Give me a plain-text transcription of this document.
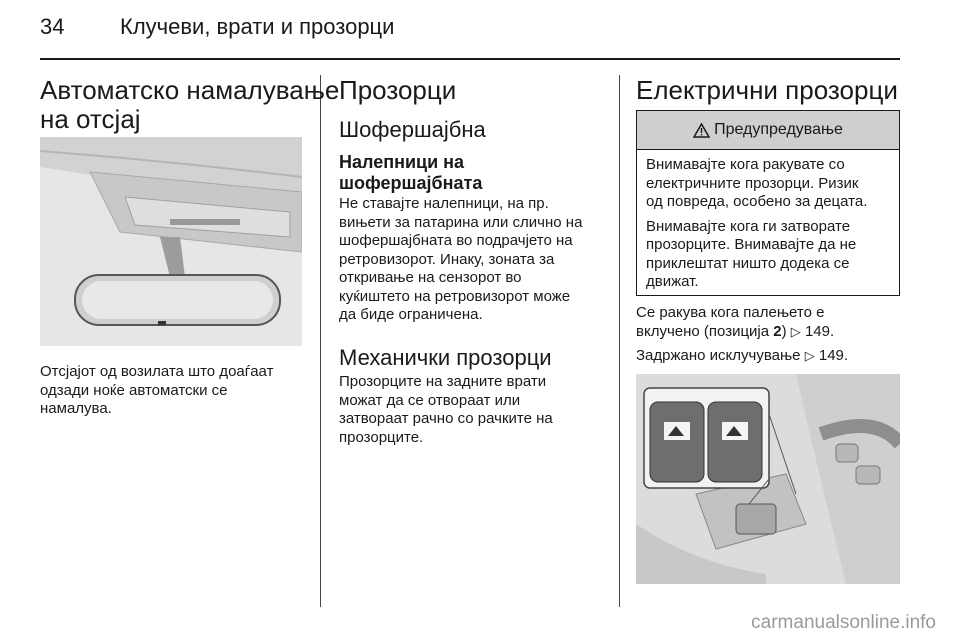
34	Клучеви, врати и прозорци
Автоматско намалување
на отсјај
Отсјајот од возилата што доаѓаат
одзади ноќе автоматски се
намалува.
Прозорци
Шофершајбна
Налепници на
шофершајбната
Не ставајте налепници, на пр.
вињети за патарина или слично на
шофершајбната во подрачјето на
ретровизорот. Инаку, зоната за
откривање на сензорот во
куќиштето на ретровизорот може
да биде ограничена.
Механички прозорци
Прозорците на задните врати
можат да се отвораат или
затвораат рачно со рачките на
прозорците.
Електрични прозорци
Предупредување

Внимавајте кога ракувате со
електричните прозорци. Ризик
од повреда, особено за децата.

Внимавајте кога ги затворате
прозорците. Внимавајте да не
приклештат ништо додека се
движат.

Се ракува кога палењето е
вклучено (позиција 2) ▷ 149.
Задржано исклучување ▷ 149.
carmanualsonline.info
